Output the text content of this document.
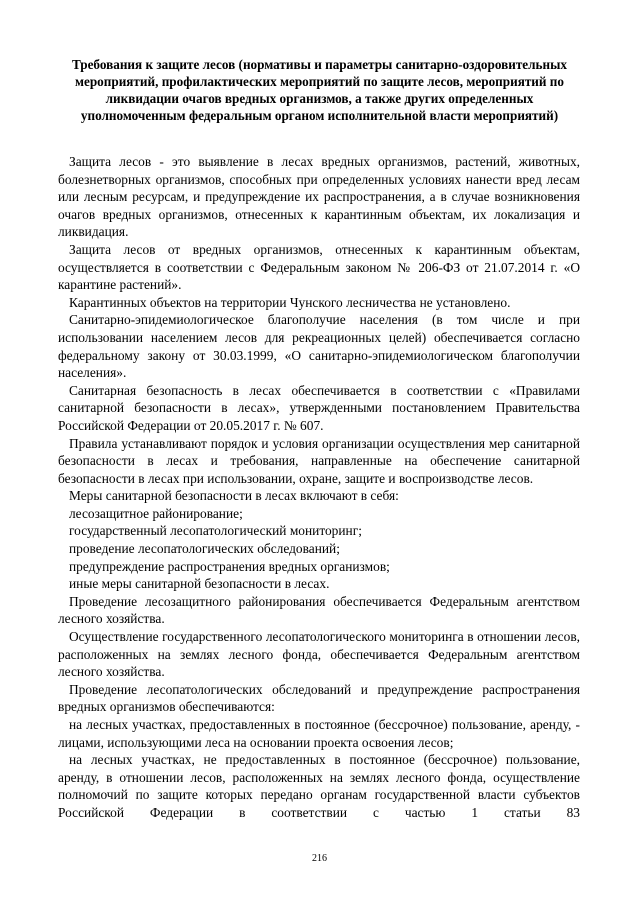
Требования к защите лесов (нормативы и параметры санитарно-оздоровительных мероприятий, профилактических мероприятий по защите лесов, мероприятий по ликвидации очагов вредных организмов, а также других определенных уполномоченным федеральным органом исполнительной власти мероприятий)

Защита лесов - это выявление в лесах вредных организмов, растений, животных, болезнетворных организмов, способных при определенных условиях нанести вред лесам или лесным ресурсам, и предупреждение их распространения, а в случае возникновения очагов вредных организмов, отнесенных к карантинным объектам, их локализация и ликвидация.

Защита лесов от вредных организмов, отнесенных к карантинным объектам, осуществляется в соответствии с Федеральным законом № 206-ФЗ от 21.07.2014 г. «О карантине растений».

Карантинных объектов на территории Чунского лесничества не установлено.

Санитарно-эпидемиологическое благополучие населения (в том числе и при использовании населением лесов для рекреационных целей) обеспечивается согласно федеральному закону от 30.03.1999, «О санитарно-эпидемиологическом благополучии населения».

Санитарная безопасность в лесах обеспечивается в соответствии с «Правилами санитарной безопасности в лесах», утвержденными постановлением Правительства Российской Федерации от 20.05.2017 г. № 607.

Правила устанавливают порядок и условия организации осуществления мер санитарной безопасности в лесах и требования, направленные на обеспечение санитарной безопасности в лесах при использовании, охране, защите и воспроизводстве лесов.

Меры санитарной безопасности в лесах включают в себя:

лесозащитное районирование;

государственный лесопатологический мониторинг;

проведение лесопатологических обследований;

предупреждение распространения вредных организмов;

иные меры санитарной безопасности в лесах.

Проведение лесозащитного районирования обеспечивается Федеральным агентством лесного хозяйства.

Осуществление государственного лесопатологического мониторинга в отношении лесов, расположенных на землях лесного фонда, обеспечивается Федеральным агентством лесного хозяйства.

Проведение лесопатологических обследований и предупреждение распространения вредных организмов обеспечиваются:

на лесных участках, предоставленных в постоянное (бессрочное) пользование, аренду, - лицами, использующими леса на основании проекта освоения лесов;

на лесных участках, не предоставленных в постоянное (бессрочное) пользование, аренду, в отношении лесов, расположенных на землях лесного фонда, осуществление полномочий по защите которых передано органам государственной власти субъектов Российской Федерации в соответствии с частью 1 статьи 83

216
